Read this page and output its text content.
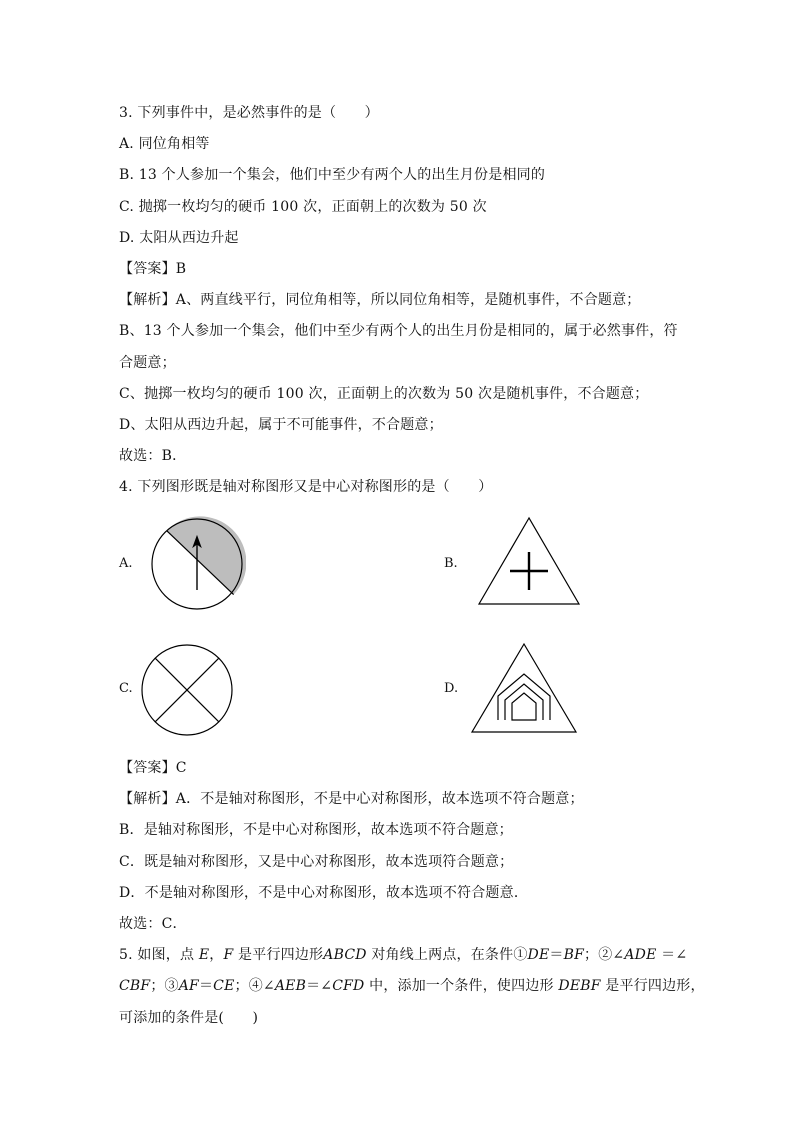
3. 下列事件中，是必然事件的是（　　）
A. 同位角相等
B. 13 个人参加一个集会，他们中至少有两个人的出生月份是相同的
C. 抛掷一枚均匀的硬币 100 次，正面朝上的次数为 50 次
D. 太阳从西边升起
【答案】B
【解析】A、两直线平行，同位角相等，所以同位角相等，是随机事件，不合题意；
B、13 个人参加一个集会，他们中至少有两个人的出生月份是相同的，属于必然事件，符
合题意；
C、抛掷一枚均匀的硬币 100 次，正面朝上的次数为 50 次是随机事件，不合题意；
D、太阳从西边升起，属于不可能事件，不合题意；
故选：B．
4. 下列图形既是轴对称图形又是中心对称图形的是（　　）
A.	B.
C.	D.
【答案】C
【解析】A．不是轴对称图形，不是中心对称图形，故本选项不符合题意；
B．是轴对称图形，不是中心对称图形，故本选项不符合题意；
C．既是轴对称图形，又是中心对称图形，故本选项符合题意；
D．不是轴对称图形，不是中心对称图形，故本选项不符合题意．
故选：C．
5. 如图，点 E，F 是平行四边形ABCD 对角线上两点，在条件①DE＝BF；②∠ADE ＝∠
CBF；③AF＝CE；④∠AEB＝∠CFD 中，添加一个条件，使四边形 DEBF 是平行四边形，
可添加的条件是(　　)
